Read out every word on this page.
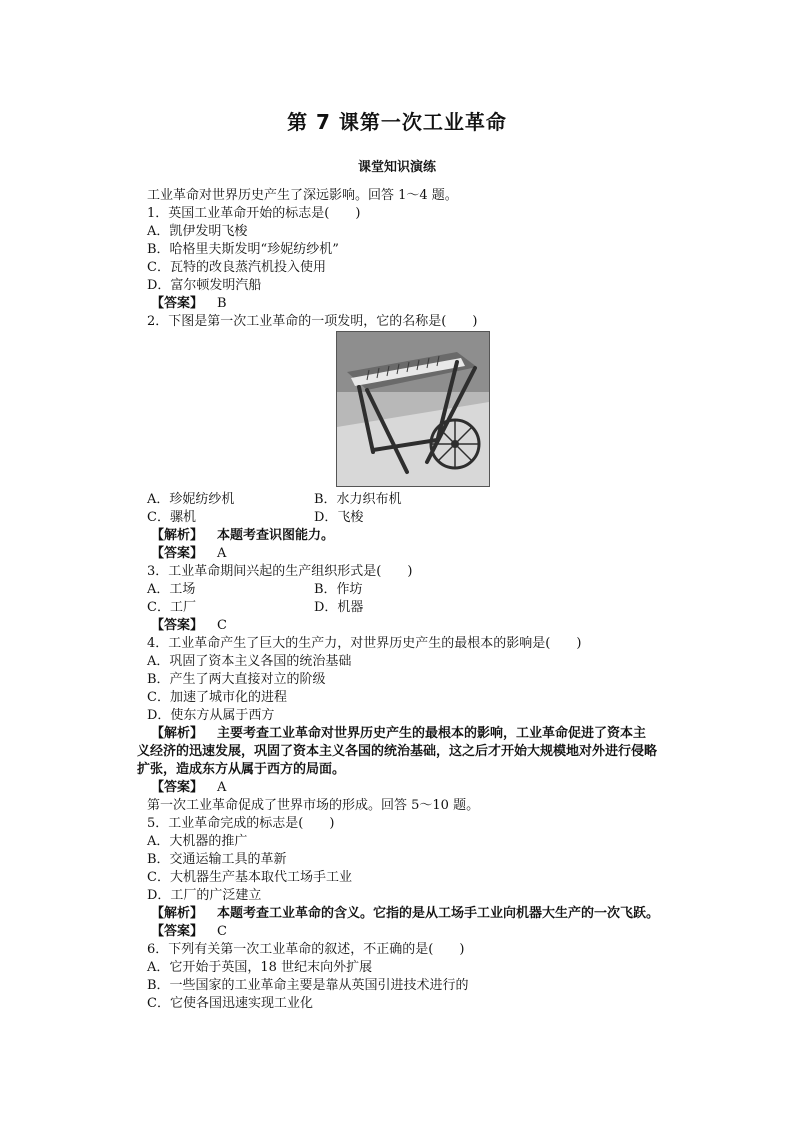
第 7 课第一次工业革命
课堂知识演练
工业革命对世界历史产生了深远影响。回答 1～4 题。
1．英国工业革命开始的标志是(　　)
A．凯伊发明飞梭
B．哈格里夫斯发明“珍妮纺纱机”
C．瓦特的改良蒸汽机投入使用
D．富尔顿发明汽船
【答案】 B
2．下图是第一次工业革命的一项发明，它的名称是(　　)
A．珍妮纺纱机	B．水力织布机
C．骡机	D．飞梭
【解析】 本题考查识图能力。
【答案】 A
3．工业革命期间兴起的生产组织形式是(　　)
A．工场	B．作坊
C．工厂	D．机器
【答案】 C
4．工业革命产生了巨大的生产力，对世界历史产生的最根本的影响是(　　)
A．巩固了资本主义各国的统治基础
B．产生了两大直接对立的阶级
C．加速了城市化的进程
D．使东方从属于西方
【解析】 主要考查工业革命对世界历史产生的最根本的影响，工业革命促进了资本主
义经济的迅速发展，巩固了资本主义各国的统治基础，这之后才开始大规模地对外进行侵略
扩张，造成东方从属于西方的局面。
【答案】 A
第一次工业革命促成了世界市场的形成。回答 5～10 题。
5．工业革命完成的标志是(　　)
A．大机器的推广
B．交通运输工具的革新
C．大机器生产基本取代工场手工业
D．工厂的广泛建立
【解析】 本题考查工业革命的含义。它指的是从工场手工业向机器大生产的一次飞跃。
【答案】 C
6．下列有关第一次工业革命的叙述，不正确的是(　　)
A．它开始于英国，18 世纪末向外扩展
B．一些国家的工业革命主要是靠从英国引进技术进行的
C．它使各国迅速实现工业化
